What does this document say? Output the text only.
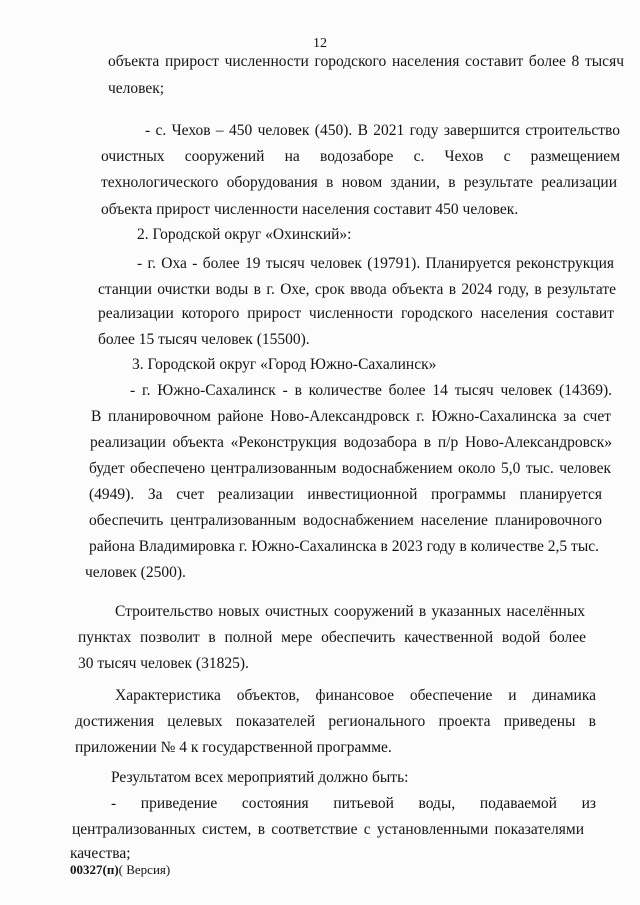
12
объекта прирост численности городского населения составит более 8 тысяч
человек;
- с. Чехов – 450 человек (450). В 2021 году завершится строительство
очистных сооружений на водозаборе с. Чехов с размещением
технологического оборудования в новом здании, в результате реализации
объекта прирост численности населения составит 450 человек.
2. Городской округ «Охинский»:
- г. Оха - более 19 тысяч человек (19791). Планируется реконструкция
станции очистки воды в г. Охе, срок ввода объекта в 2024 году, в результате
реализации которого прирост численности городского населения составит
более 15 тысяч человек (15500).
3. Городской округ «Город Южно-Сахалинск»
- г. Южно-Сахалинск - в количестве более 14 тысяч человек (14369).
В планировочном районе Ново-Александровск г. Южно-Сахалинска за счет
реализации объекта «Реконструкция водозабора в п/р Ново-Александровск»
будет обеспечено централизованным водоснабжением около 5,0 тыс. человек
(4949). За счет реализации инвестиционной программы планируется
обеспечить централизованным водоснабжением население планировочного
района Владимировка г. Южно-Сахалинска в 2023 году в количестве 2,5 тыс.
человек (2500).
Строительство новых очистных сооружений в указанных населённых
пунктах позволит в полной мере обеспечить качественной водой более
30 тысяч человек (31825).
Характеристика объектов, финансовое обеспечение и динамика
достижения целевых показателей регионального проекта приведены в
приложении № 4 к государственной программе.
Результатом всех мероприятий должно быть:
- приведение состояния питьевой воды, подаваемой из
централизованных систем, в соответствие с установленными показателями
качества;
00327(п)( Версия)
